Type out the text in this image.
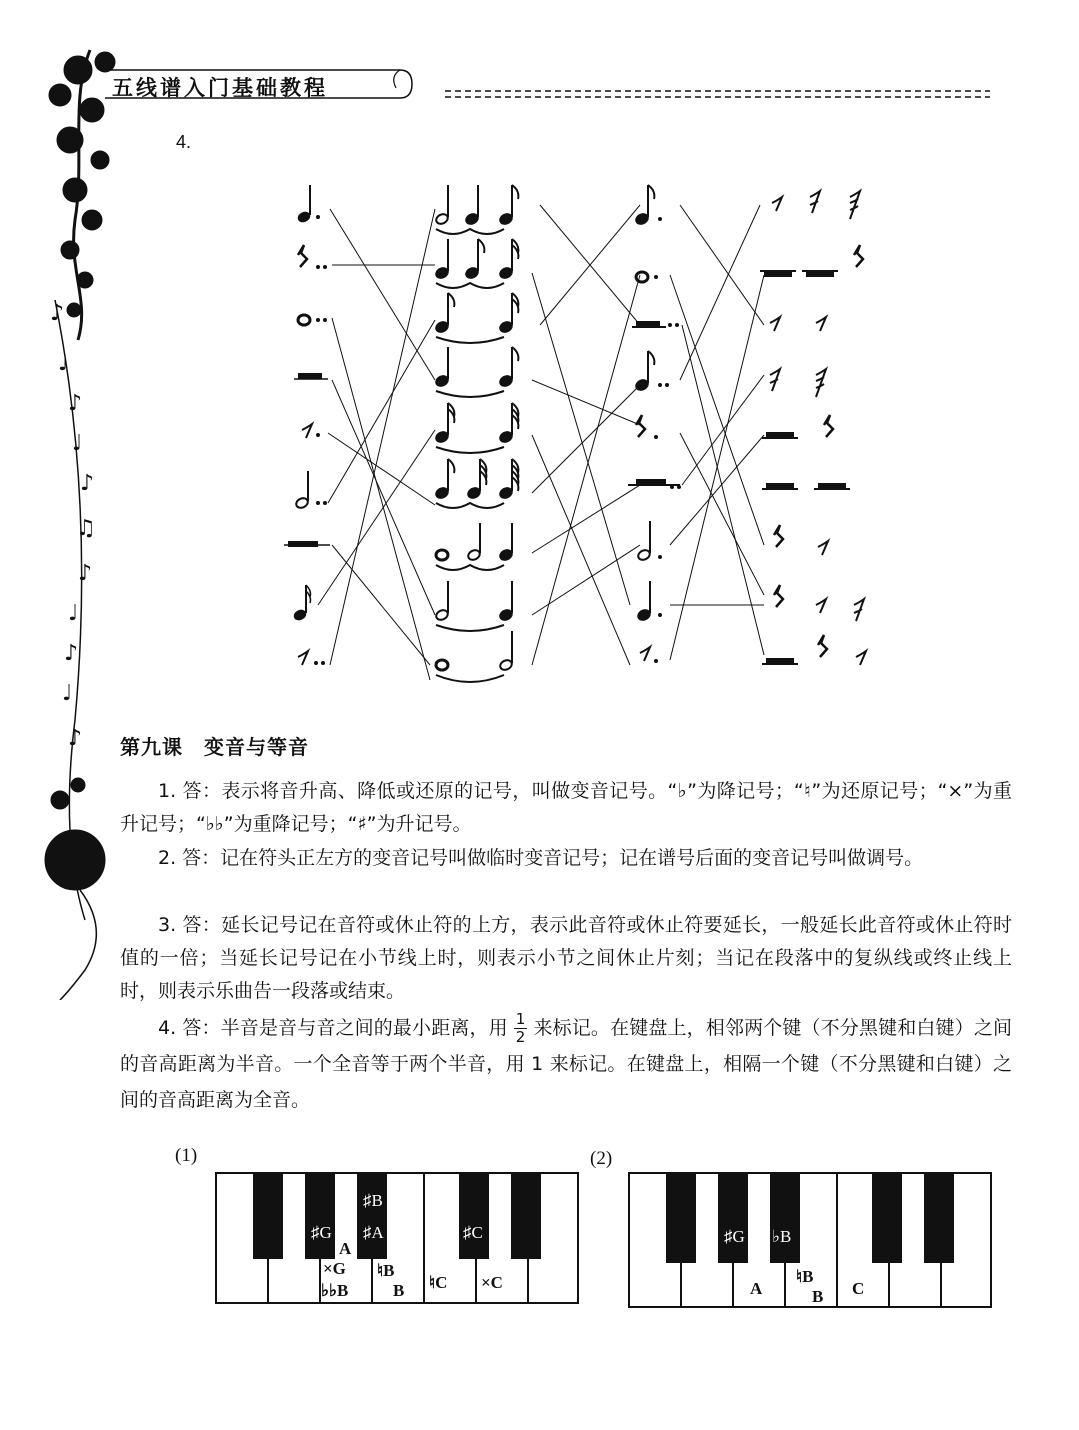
♪
♩
♪
♩
♪
♫
♪
♩
♪
♩
♪
五线谱入门基础教程
4.
第九课　变音与等音
1. 答：表示将音升高、降低或还原的记号，叫做变音记号。“♭”为降记号；“♮”为还原记号；“×”为重升记号；“♭♭”为重降记号；“♯”为升记号。
2. 答：记在符头正左方的变音记号叫做临时变音记号；记在谱号后面的变音记号叫做调号。
3. 答：延长记号记在音符或休止符的上方，表示此音符或休止符要延长，一般延长此音符或休止符时值的一倍；当延长记号记在小节线上时，则表示小节之间休止片刻；当记在段落中的复纵线或终止线上时，则表示乐曲告一段落或结束。
4. 答：半音是音与音之间的最小距离，用 $\frac{1}{2}$ 来标记。在键盘上，相邻两个键（不分黑键和白键）之间的音高距离为半音。一个全音等于两个半音，用 1 来标记。在键盘上，相隔一个键（不分黑键和白键）之间的音高距离为全音。
(1)
♯G
♯B
♯A	♯C
A
×G
♭♭B
♮B
B ♮C ×C
(2)
♯G ♭B
A
♮B
B C
